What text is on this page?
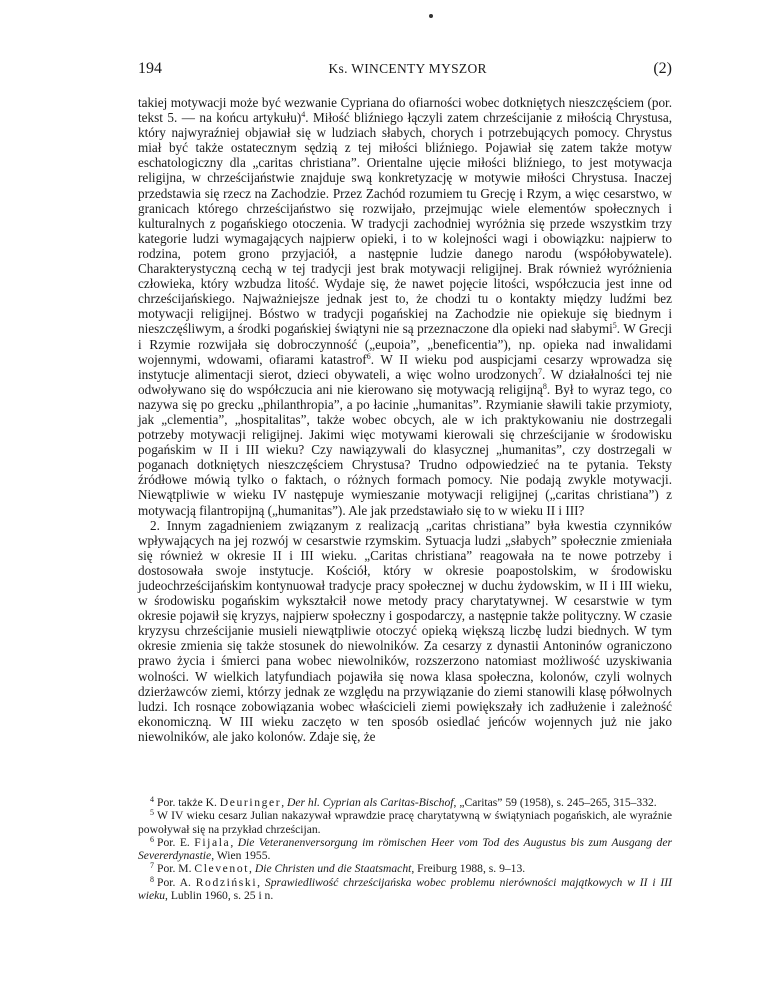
194	Ks. WINCENTY MYSZOR	(2)

takiej motywacji może być wezwanie Cypriana do ofiarności wobec dotkniętych nieszczęściem (por. tekst 5. — na końcu artykułu)$^4$. Miłość bliźniego łączyli zatem chrześcijanie z miłością Chrystusa, który najwyraźniej objawiał się w ludziach słabych, chorych i potrzebujących pomocy. Chrystus miał być także ostatecznym sędzią z tej miłości bliźniego. Pojawiał się zatem także motyw eschatologiczny dla „caritas christiana”. Orientalne ujęcie miłości bliźniego, to jest motywacja religijna, w chrześcijaństwie znajduje swą konkretyzację w motywie miłości Chrystusa. Inaczej przedstawia się rzecz na Zachodzie. Przez Zachód rozumiem tu Grecję i Rzym, a więc cesarstwo, w granicach którego chrześcijaństwo się rozwijało, przejmując wiele elementów społecznych i kulturalnych z pogańskiego otoczenia. W tradycji zachodniej wyróżnia się przede wszystkim trzy kategorie ludzi wymagających najpierw opieki, i to w kolejności wagi i obowiązku: najpierw to rodzina, potem grono przyjaciół, a następnie ludzie danego narodu (współobywatele). Charakterystyczną cechą w tej tradycji jest brak motywacji religijnej. Brak również wyróżnienia człowieka, który wzbudza litość. Wydaje się, że nawet pojęcie litości, współczucia jest inne od chrześcijańskiego. Najważniejsze jednak jest to, że chodzi tu o kontakty między ludźmi bez motywacji religijnej. Bóstwo w tradycji pogańskiej na Zachodzie nie opiekuje się biednym i nieszczęśliwym, a środki pogańskiej świątyni nie są przeznaczone dla opieki nad słabymi$^5$. W Grecji i Rzymie rozwijała się dobroczynność („eupoia”, „beneficentia”), np. opieka nad inwalidami wojennymi, wdowami, ofiarami katastrof$^6$. W II wieku pod auspicjami cesarzy wprowadza się instytucje alimentacji sierot, dzieci obywateli, a więc wolno urodzonych$^7$. W działalności tej nie odwoływano się do współczucia ani nie kierowano się motywacją religijną$^8$. Był to wyraz tego, co nazywa się po grecku „philanthropia”, a po łacinie „humanitas”. Rzymianie sławili takie przymioty, jak „clementia”, „hospitalitas”, także wobec obcych, ale w ich praktykowaniu nie dostrzegali potrzeby motywacji religijnej. Jakimi więc motywami kierowali się chrześcijanie w środowisku pogańskim w II i III wieku? Czy nawiązywali do klasycznej „humanitas”, czy dostrzegali w poganach dotkniętych nieszczęściem Chrystusa? Trudno odpowiedzieć na te pytania. Teksty źródłowe mówią tylko o faktach, o różnych formach pomocy. Nie podają zwykle motywacji. Niewątpliwie w wieku IV następuje wymieszanie motywacji religijnej („caritas christiana”) z motywacją filantropijną („humanitas”). Ale jak przedstawiało się to w wieku II i III?

2. Innym zagadnieniem związanym z realizacją „caritas christiana” była kwestia czynników wpływających na jej rozwój w cesarstwie rzymskim. Sytuacja ludzi „słabych” społecznie zmieniała się również w okresie II i III wieku. „Caritas christiana” reagowała na te nowe potrzeby i dostosowała swoje instytucje. Kościół, który w okresie poapostolskim, w środowisku judeochrześcijańskim kontynuował tradycje pracy społecznej w duchu żydowskim, w II i III wieku, w środowisku pogańskim wykształcił nowe metody pracy charytatywnej. W cesarstwie w tym okresie pojawił się kryzys, najpierw społeczny i gospodarczy, a następnie także polityczny. W czasie kryzysu chrześcijanie musieli niewątpliwie otoczyć opieką większą liczbę ludzi biednych. W tym okresie zmienia się także stosunek do niewolników. Za cesarzy z dynastii Antoninów ograniczono prawo życia i śmierci pana wobec niewolników, rozszerzono natomiast możliwość uzyskiwania wolności. W wielkich latyfundiach pojawiła się nowa klasa społeczna, kolonów, czyli wolnych dzierżawców ziemi, którzy jednak ze względu na przywiązanie do ziemi stanowili klasę półwolnych ludzi. Ich rosnące zobowiązania wobec właścicieli ziemi powiększały ich zadłużenie i zależność ekonomiczną. W III wieku zaczęto w ten sposób osiedlać jeńców wojennych już nie jako niewolników, ale jako kolonów. Zdaje się, że

$^4$ Por. także K. Deuringer, Der hl. Cyprian als Caritas-Bischof, „Caritas” 59 (1958), s. 245–265, 315–332.

$^5$ W IV wieku cesarz Julian nakazywał wprawdzie pracę charytatywną w świątyniach pogańskich, ale wyraźnie powoływał się na przykład chrześcijan.

$^6$ Por. E. Fijala, Die Veteranenversorgung im römischen Heer vom Tod des Augustus bis zum Ausgang der Severerdynastie, Wien 1955.

$^7$ Por. M. Clevenot, Die Christen und die Staatsmacht, Freiburg 1988, s. 9–13.

$^8$ Por. A. Rodziński, Sprawiedliwość chrześcijańska wobec problemu nierówności majątkowych w II i III wieku, Lublin 1960, s. 25 i n.
